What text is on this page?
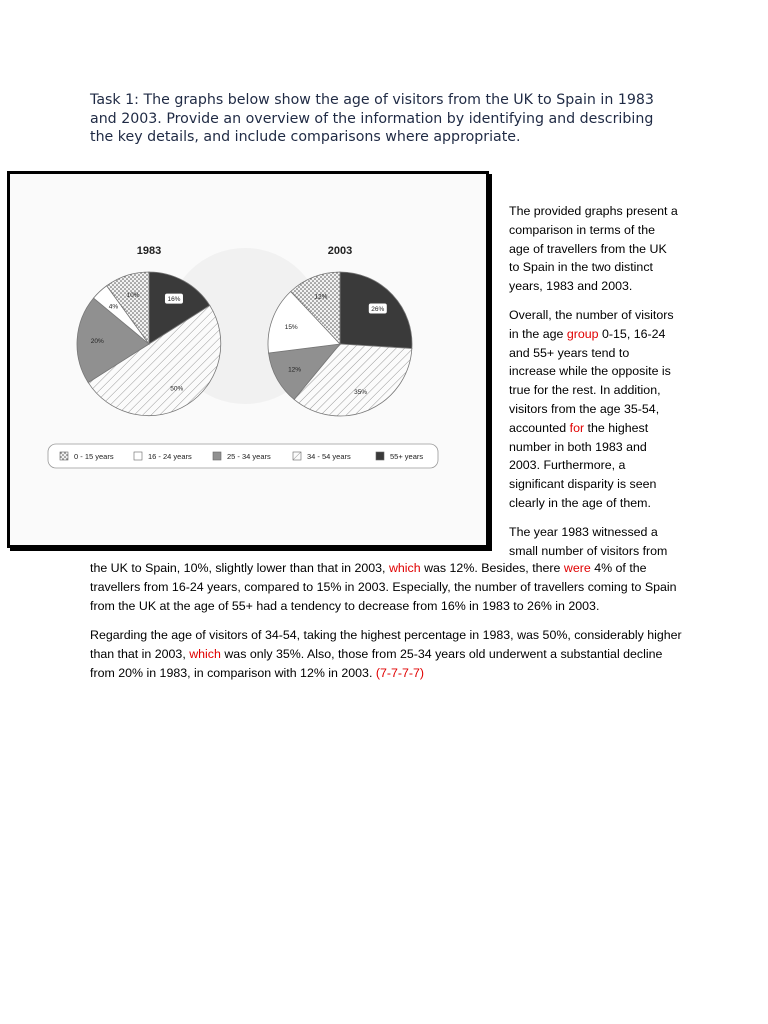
Task 1: The graphs below show the age of visitors from the UK to Spain in 1983 and 2003. Provide an overview of the information by identifying and describing the key details, and include comparisons where appropriate.

1983
16%
50%
20%
4%
10%
2003
26%
35%
12%
15%
12%
0 - 15 years	16 - 24 years	25 - 34 years	34 - 54 years	55+ years

The provided graphs present a comparison in terms of the age of travellers from the UK to Spain in the two distinct years, 1983 and 2003.

Overall, the number of visitors in the age group 0-15, 16-24 and 55+ years tend to increase while the opposite is true for the rest. In addition, visitors from the age 35-54, accounted for the highest number in both 1983 and 2003. Furthermore, a significant disparity is seen clearly in the age of them.

The year 1983 witnessed a small number of visitors from

the UK to Spain, 10%, slightly lower than that in 2003, which was 12%. Besides, there were 4% of the travellers from 16-24 years, compared to 15% in 2003. Especially, the number of travellers coming to Spain from the UK at the age of 55+ had a tendency to decrease from 16% in 1983 to 26% in 2003.

Regarding the age of visitors of 34-54, taking the highest percentage in 1983, was 50%, considerably higher than that in 2003, which was only 35%. Also, those from 25-34 years old underwent a substantial decline from 20% in 1983, in comparison with 12% in 2003. (7-7-7-7)
